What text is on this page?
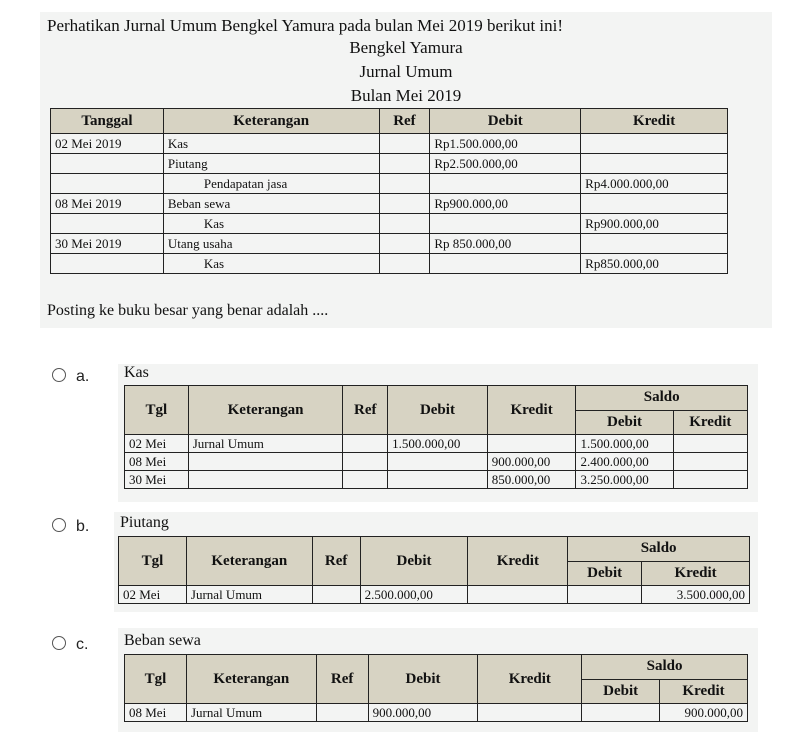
Perhatikan Jurnal Umum Bengkel Yamura pada bulan Mei 2019 berikut ini!
Bengkel Yamura
Jurnal Umum
Bulan Mei 2019
Tanggal	Keterangan	Ref	Debit	Kredit
02 Mei 2019	Kas		Rp1.500.000,00	
	Piutang		Rp2.500.000,00	
	Pendapatan jasa			Rp4.000.000,00
08 Mei 2019	Beban sewa		Rp900.000,00	
	Kas			Rp900.000,00
30 Mei 2019	Utang usaha		Rp 850.000,00	
	Kas			Rp850.000,00
Posting ke buku besar yang benar adalah ....
a. Kas
Tgl	Keterangan	Ref	Debit	Kredit	Saldo	
					Debit	Kredit
02 Mei	Jurnal Umum		1.500.000,00		1.500.000,00	
08 Mei				900.000,00	2.400.000,00	
30 Mei				850.000,00	3.250.000,00	
b. Piutang
Tgl	Keterangan	Ref	Debit	Kredit	Saldo	
					Debit	Kredit
02 Mei	Jurnal Umum		2.500.000,00			3.500.000,00
c. Beban sewa
Tgl	Keterangan	Ref	Debit	Kredit	Saldo	
					Debit	Kredit
08 Mei	Jurnal Umum		900.000,00			900.000,00
